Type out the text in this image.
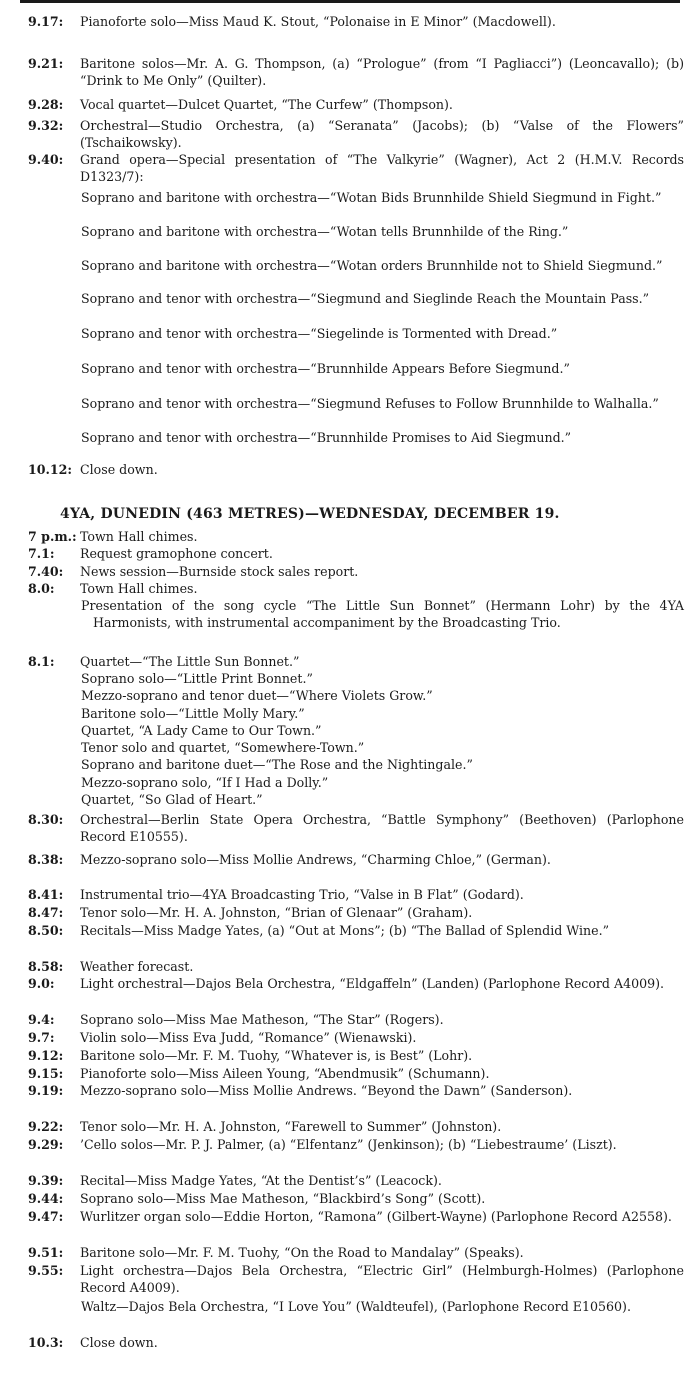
9.17:	Pianoforte solo—Miss Maud K. Stout, “Polonaise in E Minor” (Macdowell).
9.21:	Baritone solos—Mr. A. G. Thompson, (a) “Prologue” (from “I Pagliacci”) (Leoncavallo); (b) “Drink to Me Only” (Quilter).
9.28:	Vocal quartet—Dulcet Quartet, “The Curfew” (Thompson).
9.32:	Orchestral—Studio Orchestra, (a) “Seranata” (Jacobs); (b) “Valse of the Flowers” (Tschaikowsky).
9.40:	Grand opera—Special presentation of “The Valkyrie” (Wagner), Act 2 (H.M.V. Records D1323/7):
Soprano and baritone with orchestra—“Wotan Bids Brunnhilde Shield Siegmund in Fight.”
Soprano and baritone with orchestra—“Wotan tells Brunnhilde of the Ring.”
Soprano and baritone with orchestra—“Wotan orders Brunnhilde not to Shield Siegmund.”
Soprano and tenor with orchestra—“Siegmund and Sieglinde Reach the Mountain Pass.”
Soprano and tenor with orchestra—“Siegelinde is Tormented with Dread.”
Soprano and tenor with orchestra—“Brunnhilde Appears Before Siegmund.”
Soprano and tenor with orchestra—“Siegmund Refuses to Follow Brunnhilde to Walhalla.”
Soprano and tenor with orchestra—“Brunnhilde Promises to Aid Siegmund.”
10.12: Close down.
4YA, DUNEDIN (463 METRES)—WEDNESDAY, DECEMBER 19.
7 p.m.: Town Hall chimes.
7.1:	Request gramophone concert.
7.40:	News session—Burnside stock sales report.
8.0:	Town Hall chimes.
Presentation of the song cycle “The Little Sun Bonnet” (Hermann Lohr) by the 4YA Harmonists, with instrumental accompaniment by the Broadcasting Trio.
8.1:	Quartet—“The Little Sun Bonnet.”
Soprano solo—“Little Print Bonnet.”
Mezzo-soprano and tenor duet—“Where Violets Grow.”
Baritone solo—“Little Molly Mary.”
Quartet, “A Lady Came to Our Town.”
Tenor solo and quartet, “Somewhere-Town.”
Soprano and baritone duet—“The Rose and the Nightingale.”
Mezzo-soprano solo, “If I Had a Dolly.”
Quartet, “So Glad of Heart.”
8.30:	Orchestral—Berlin State Opera Orchestra, “Battle Symphony” (Beethoven) (Parlophone Record E10555).
8.38:	Mezzo-soprano solo—Miss Mollie Andrews, “Charming Chloe,” (German).
8.41:	Instrumental trio—4YA Broadcasting Trio, “Valse in B Flat” (Godard).
8.47:	Tenor solo—Mr. H. A. Johnston, “Brian of Glenaar” (Graham).
8.50:	Recitals—Miss Madge Yates, (a) “Out at Mons”; (b) “The Ballad of Splendid Wine.”
8.58:	Weather forecast.
9.0:	Light orchestral—Dajos Bela Orchestra, “Eldgaffeln” (Landen) (Parlophone Record A4009).
9.4:	Soprano solo—Miss Mae Matheson, “The Star” (Rogers).
9.7:	Violin solo—Miss Eva Judd, “Romance” (Wienawski).
9.12:	Baritone solo—Mr. F. M. Tuohy, “Whatever is, is Best” (Lohr).
9.15:	Pianoforte solo—Miss Aileen Young, “Abendmusik” (Schumann).
9.19:	Mezzo-soprano solo—Miss Mollie Andrews. “Beyond the Dawn” (Sanderson).
9.22:	Tenor solo—Mr. H. A. Johnston, “Farewell to Summer” (Johnston).
9.29:	’Cello solos—Mr. P. J. Palmer, (a) “Elfentanz” (Jenkinson); (b) “Liebestraume’ (Liszt).
9.39:	Recital—Miss Madge Yates, “At the Dentist’s” (Leacock).
9.44:	Soprano solo—Miss Mae Matheson, “Blackbird’s Song” (Scott).
9.47:	Wurlitzer organ solo—Eddie Horton, “Ramona” (Gilbert-Wayne) (Parlophone Record A2558).
9.51:	Baritone solo—Mr. F. M. Tuohy, “On the Road to Mandalay” (Speaks).
9.55:	Light orchestra—Dajos Bela Orchestra, “Electric Girl” (Helmburgh-Holmes) (Parlophone Record A4009).
Waltz—Dajos Bela Orchestra, “I Love You” (Waldteufel), (Parlophone Record E10560).
10.3:	Close down.
